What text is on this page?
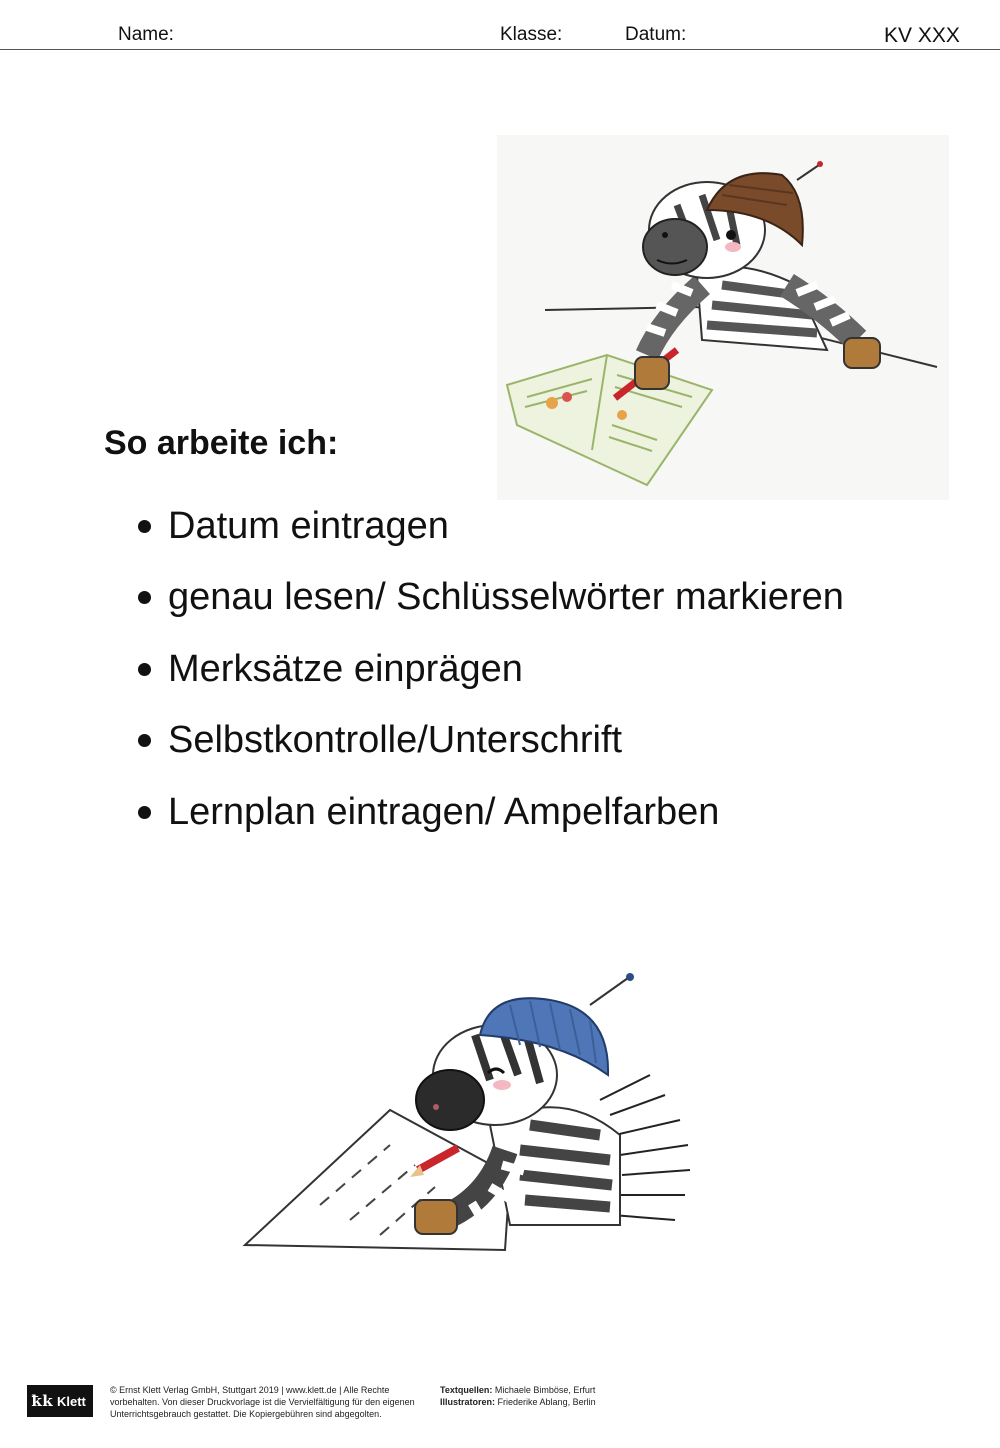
Name:	Klasse:	Datum:	KV XXX
So arbeite ich:
Datum eintragen
genau lesen/ Schlüsselwörter markieren
Merksätze einprägen
Selbstkontrolle/Unterschrift
Lernplan eintragen/ Ampelfarben
ꝁk Klett
© Ernst Klett Verlag GmbH, Stuttgart 2019 | www.klett.de | Alle Rechte
vorbehalten. Von dieser Druckvorlage ist die Vervielfältigung für den eigenen
Unterrichtsgebrauch gestattet. Die Kopiergebühren sind abgegolten.
Textquellen: Michaele Bimböse, Erfurt
Illustratoren: Friederike Ablang, Berlin
